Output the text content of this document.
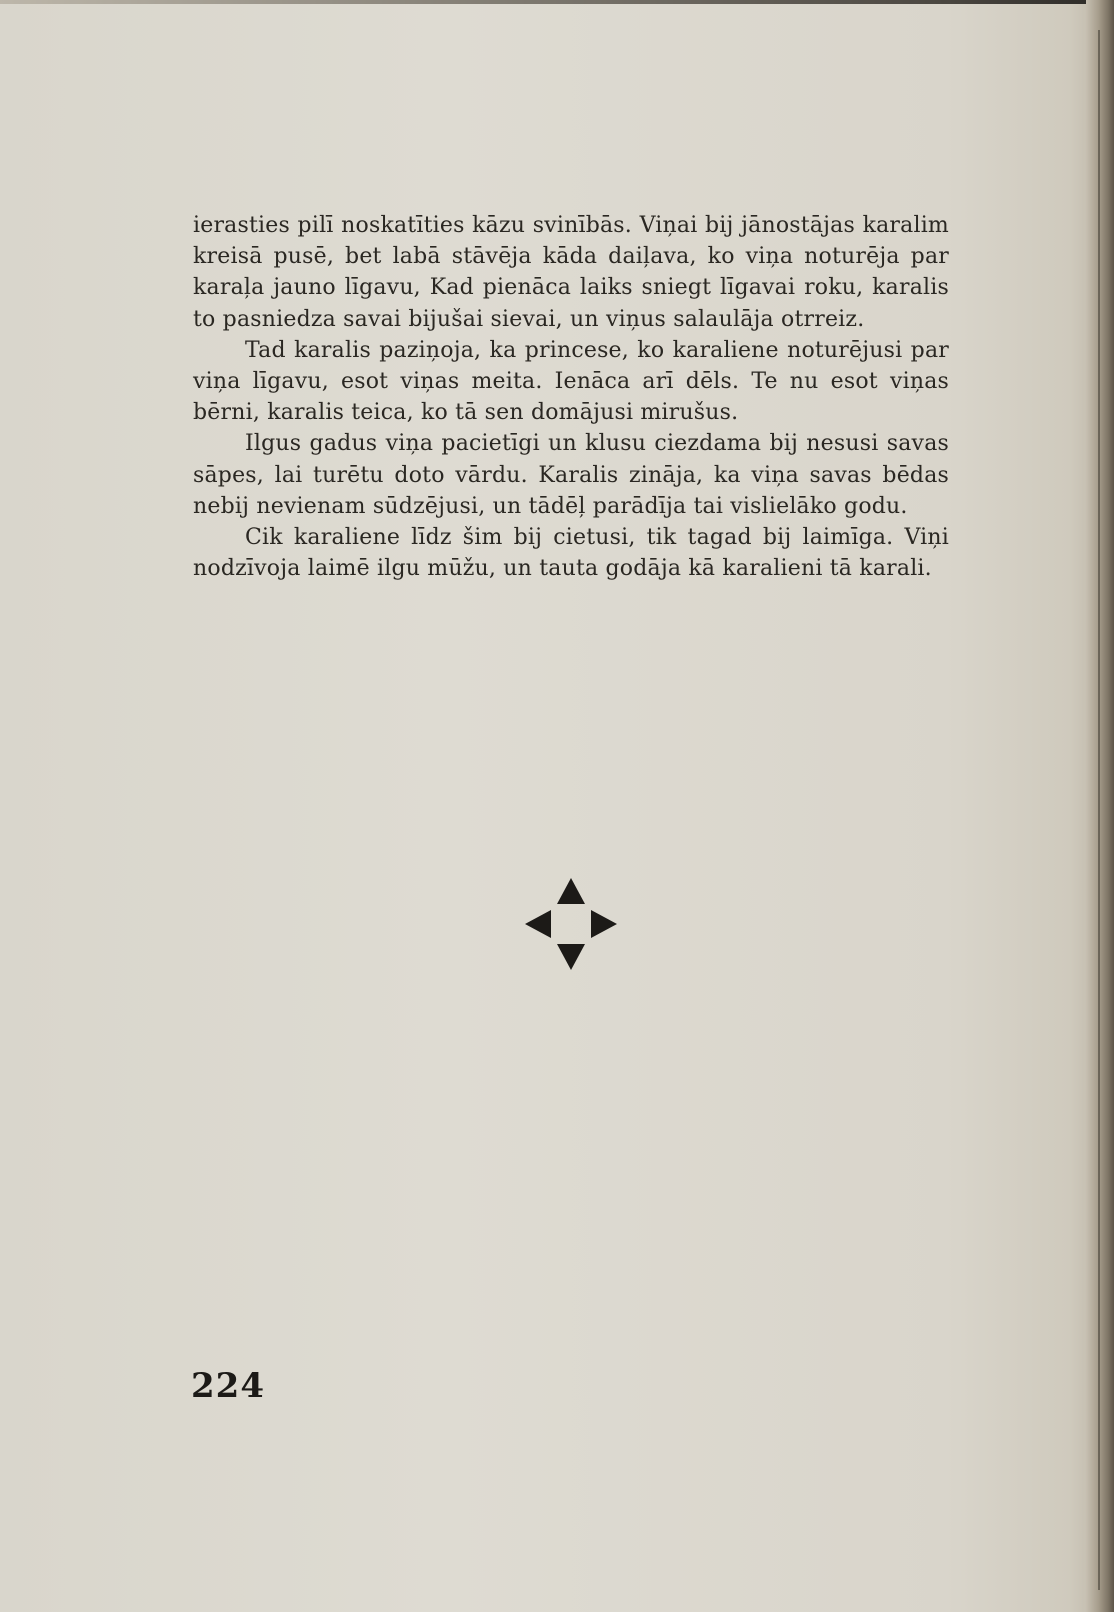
ierasties pilī noskatīties kāzu svinībās. Viņai bij jānostājas karalim kreisā pusē, bet labā stāvēja kāda daiļava, ko viņa noturēja par karaļa jauno līgavu, Kad pienāca laiks sniegt līgavai roku, karalis to pasniedza savai bijušai sievai, un viņus salaulāja otrreiz.

Tad karalis paziņoja, ka princese, ko karaliene noturējusi par viņa līgavu, esot viņas meita. Ienāca arī dēls. Te nu esot viņas bērni, karalis teica, ko tā sen domājusi mirušus.

Ilgus gadus viņa pacietīgi un klusu ciezdama bij nesusi savas sāpes, lai turētu doto vārdu. Karalis zināja, ka viņa savas bēdas nebij nevienam sūdzējusi, un tādēļ parādīja tai vislielāko godu.

Cik karaliene līdz šim bij cietusi, tik tagad bij laimīga. Viņi nodzīvoja laimē ilgu mūžu, un tauta godāja kā karalieni tā karali.

224
